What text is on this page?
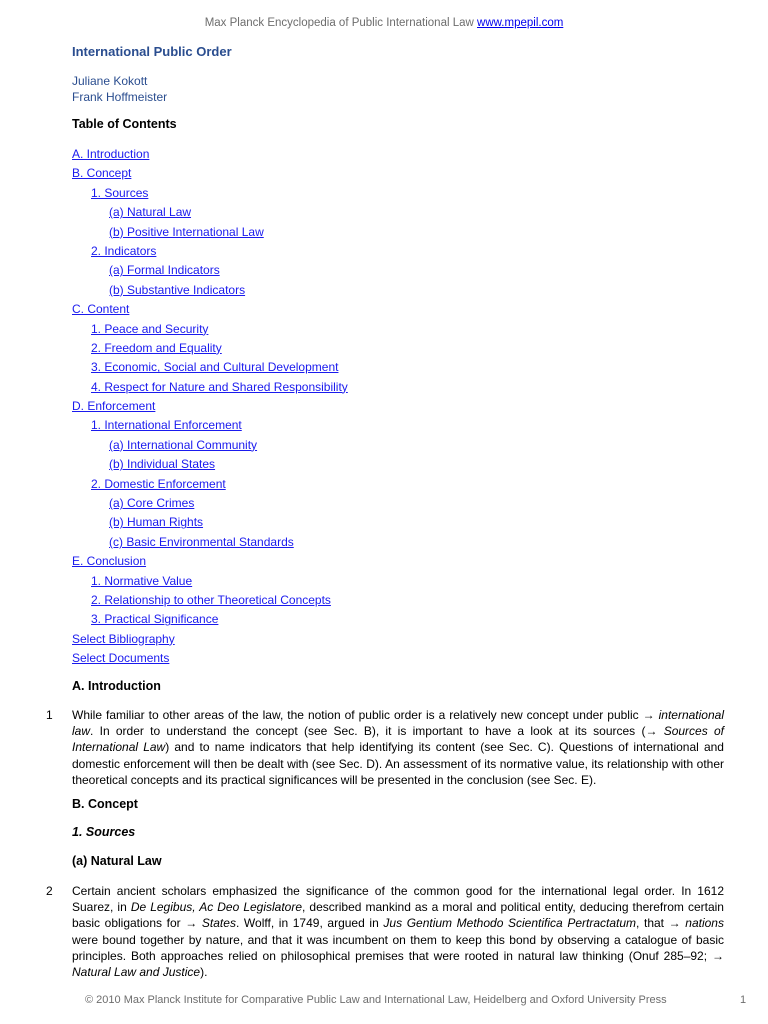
Max Planck Encyclopedia of Public International Law www.mpepil.com
International Public Order
Juliane Kokott
Frank Hoffmeister
Table of Contents
A. Introduction
B. Concept
1. Sources
(a) Natural Law
(b) Positive International Law
2. Indicators
(a) Formal Indicators
(b) Substantive Indicators
C. Content
1. Peace and Security
2. Freedom and Equality
3. Economic, Social and Cultural Development
4. Respect for Nature and Shared Responsibility
D. Enforcement
1. International Enforcement
(a) International Community
(b) Individual States
2. Domestic Enforcement
(a) Core Crimes
(b) Human Rights
(c) Basic Environmental Standards
E. Conclusion
1. Normative Value
2. Relationship to other Theoretical Concepts
3. Practical Significance
Select Bibliography
Select Documents
A. Introduction
1 While familiar to other areas of the law, the notion of public order is a relatively new concept under public → international law. In order to understand the concept (see Sec. B), it is important to have a look at its sources (→ Sources of International Law) and to name indicators that help identifying its content (see Sec. C). Questions of international and domestic enforcement will then be dealt with (see Sec. D). An assessment of its normative value, its relationship with other theoretical concepts and its practical significances will be presented in the conclusion (see Sec. E).
B. Concept
1. Sources
(a) Natural Law
2 Certain ancient scholars emphasized the significance of the common good for the international legal order. In 1612 Suarez, in De Legibus, Ac Deo Legislatore, described mankind as a moral and political entity, deducing therefrom certain basic obligations for → States. Wolff, in 1749, argued in Jus Gentium Methodo Scientifica Pertractatum, that → nations were bound together by nature, and that it was incumbent on them to keep this bond by observing a catalogue of basic principles. Both approaches relied on philosophical premises that were rooted in natural law thinking (Onuf 285–92; → Natural Law and Justice).
© 2010 Max Planck Institute for Comparative Public Law and International Law, Heidelberg and Oxford University Press	1
